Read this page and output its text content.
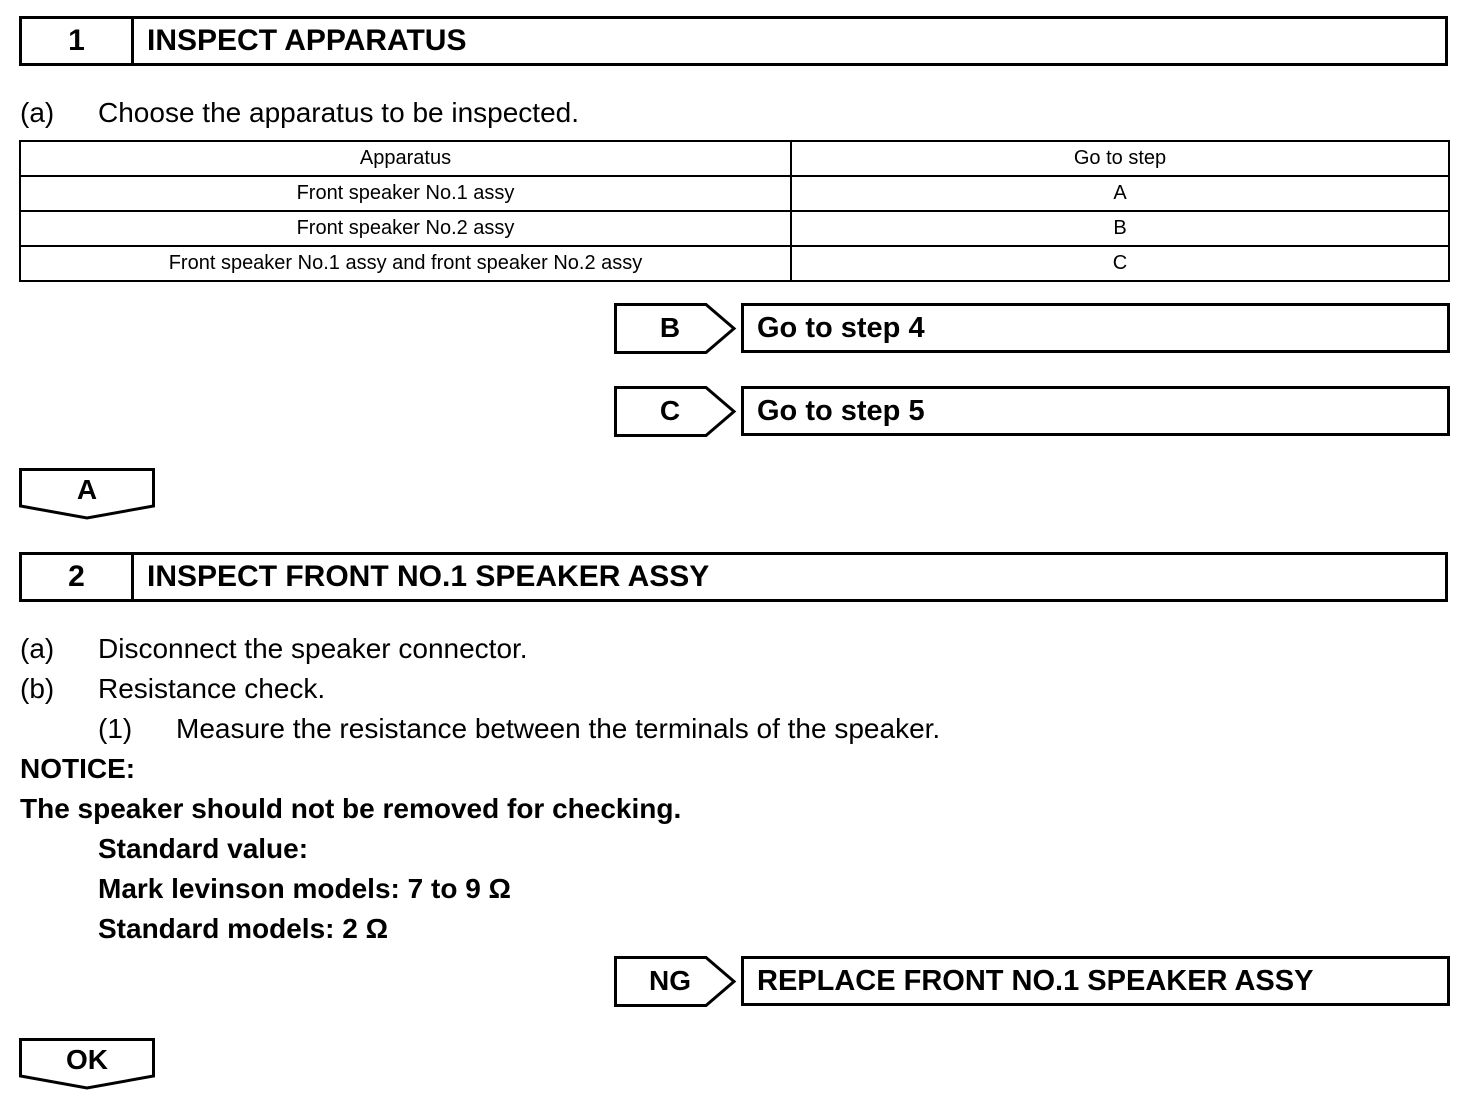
1	INSPECT APPARATUS
(a) Choose the apparatus to be inspected.
Apparatus	Go to step
Front speaker No.1 assy	A
Front speaker No.2 assy	B
Front speaker No.1 assy and front speaker No.2 assy	C
B	Go to step 4
C	Go to step 5
A
2	INSPECT FRONT NO.1 SPEAKER ASSY
(a) Disconnect the speaker connector.
(b) Resistance check.
(1) Measure the resistance between the terminals of the speaker.
NOTICE:
The speaker should not be removed for checking.
Standard value:
Mark levinson models: 7 to 9 Ω
Standard models: 2 Ω
NG	REPLACE FRONT NO.1 SPEAKER ASSY
OK
